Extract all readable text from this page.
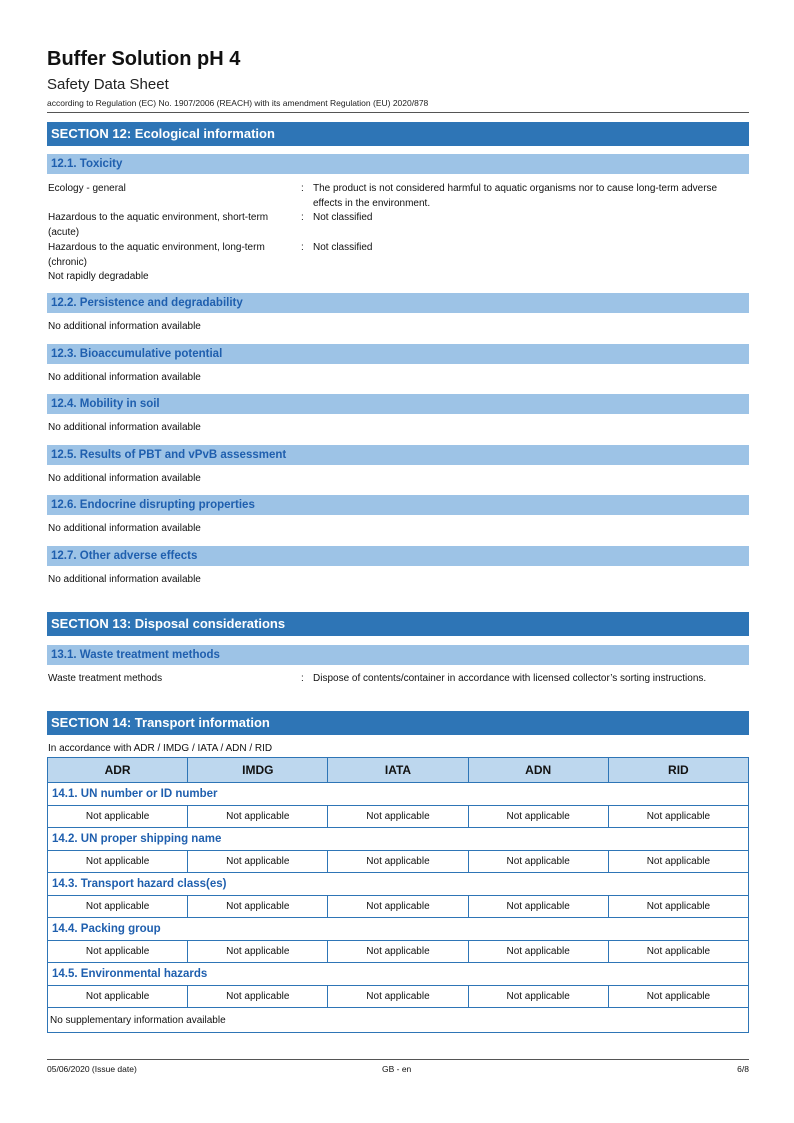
Buffer Solution pH 4
Safety Data Sheet
according to Regulation (EC) No. 1907/2006 (REACH) with its amendment Regulation (EU) 2020/878
SECTION 12: Ecological information
12.1. Toxicity
Ecology - general	: The product is not considered harmful to aquatic organisms nor to cause long-term adverse
effects in the environment.
Hazardous to the aquatic environment, short-term
(acute)
: Not classified
Hazardous to the aquatic environment, long-term
(chronic)
: Not classified
Not rapidly degradable
12.2. Persistence and degradability
No additional information available
12.3. Bioaccumulative potential
No additional information available
12.4. Mobility in soil
No additional information available
12.5. Results of PBT and vPvB assessment
No additional information available
12.6. Endocrine disrupting properties
No additional information available
12.7. Other adverse effects
No additional information available
SECTION 13: Disposal considerations
13.1. Waste treatment methods
Waste treatment methods	: Dispose of contents/container in accordance with licensed collector’s sorting instructions.
SECTION 14: Transport information
In accordance with ADR / IMDG / IATA / ADN / RID
ADR	IMDG	IATA	ADN	RID
14.1. UN number or ID number				
Not applicable	Not applicable	Not applicable	Not applicable	Not applicable
14.2. UN proper shipping name				
Not applicable	Not applicable	Not applicable	Not applicable	Not applicable
14.3. Transport hazard class(es)				
Not applicable	Not applicable	Not applicable	Not applicable	Not applicable
14.4. Packing group				
Not applicable	Not applicable	Not applicable	Not applicable	Not applicable
14.5. Environmental hazards				
Not applicable	Not applicable	Not applicable	Not applicable	Not applicable
No supplementary information available				
05/06/2020 (Issue date)	GB - en	6/8
